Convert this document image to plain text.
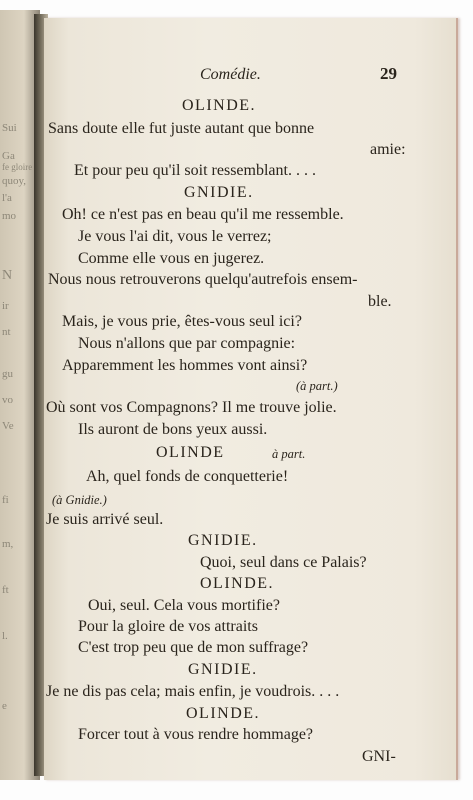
Sui
Ga
fe gloire
quoy,
l'a
mo
N
ir
nt
gu
vo
Ve
fi
m,
ft
l.
e
Comédie.	29
OLINDE.
Sans doute elle fut juste autant que bonne
amie:
Et pour peu qu'il soit ressemblant. . . .
GNIDIE.
Oh! ce n'est pas en beau qu'il me ressemble.
Je vous l'ai dit, vous le verrez;
Comme elle vous en jugerez.
Nous nous retrouverons quelqu'autrefois ensem-
ble.
Mais, je vous prie, êtes-vous seul ici?
Nous n'allons que par compagnie:
Apparemment les hommes vont ainsi?
(à part.)
Où sont vos Compagnons? Il me trouve jolie.
Ils auront de bons yeux aussi.
OLINDE	à part.
Ah, quel fonds de conquetterie!
(à Gnidie.)
Je suis arrivé seul.
GNIDIE.
Quoi, seul dans ce Palais?
OLINDE.
Oui, seul. Cela vous mortifie?
Pour la gloire de vos attraits
C'est trop peu que de mon suffrage?
GNIDIE.
Je ne dis pas cela; mais enfin, je voudrois. . . .
OLINDE.
Forcer tout à vous rendre hommage?
GNI-
